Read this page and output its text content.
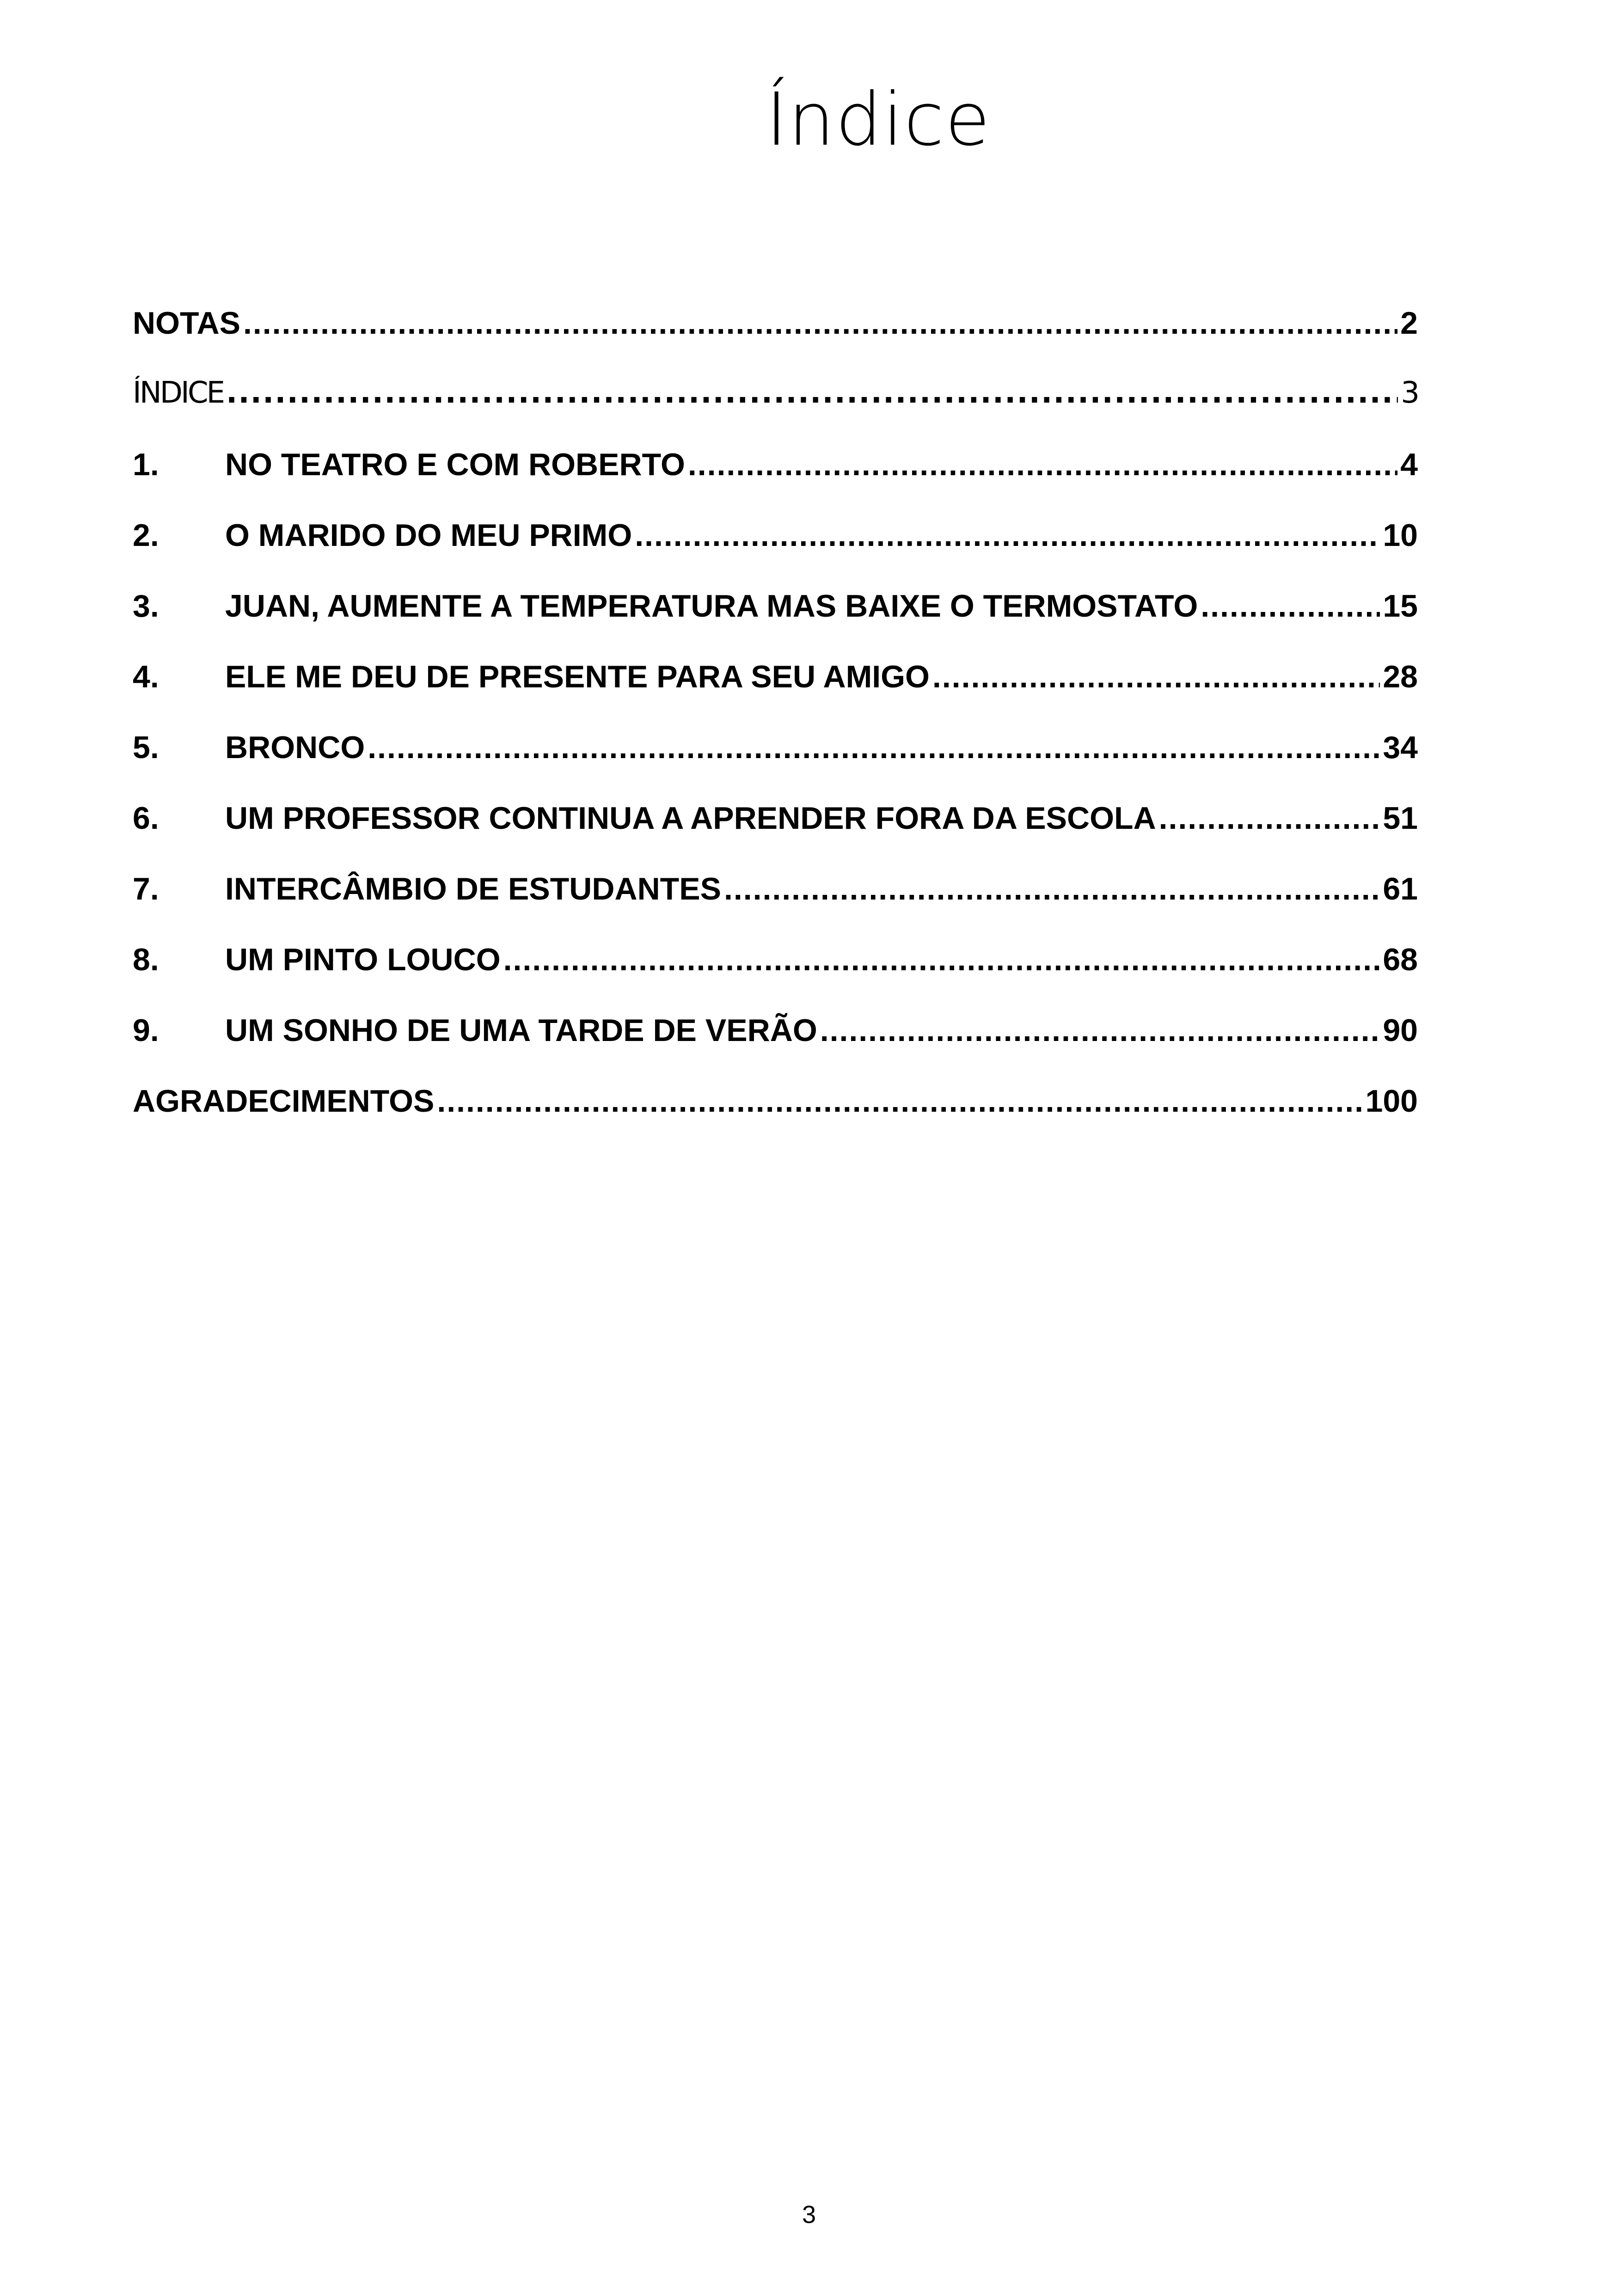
Índice
NOTAS .....	2
ÍNDICE .....	3
1.	NO TEATRO E COM ROBERTO .....	4
2.	O MARIDO DO MEU PRIMO .....	10
3.	JUAN, AUMENTE A TEMPERATURA MAS BAIXE O TERMOSTATO .....	15
4.	ELE ME DEU DE PRESENTE PARA SEU AMIGO .....	28
5.	BRONCO .....	34
6.	UM PROFESSOR CONTINUA A APRENDER FORA DA ESCOLA .....	51
7.	INTERCÂMBIO DE ESTUDANTES .....	61
8.	UM PINTO LOUCO .....	68
9.	UM SONHO DE UMA TARDE DE VERÃO .....	90
AGRADECIMENTOS .....	100
3
